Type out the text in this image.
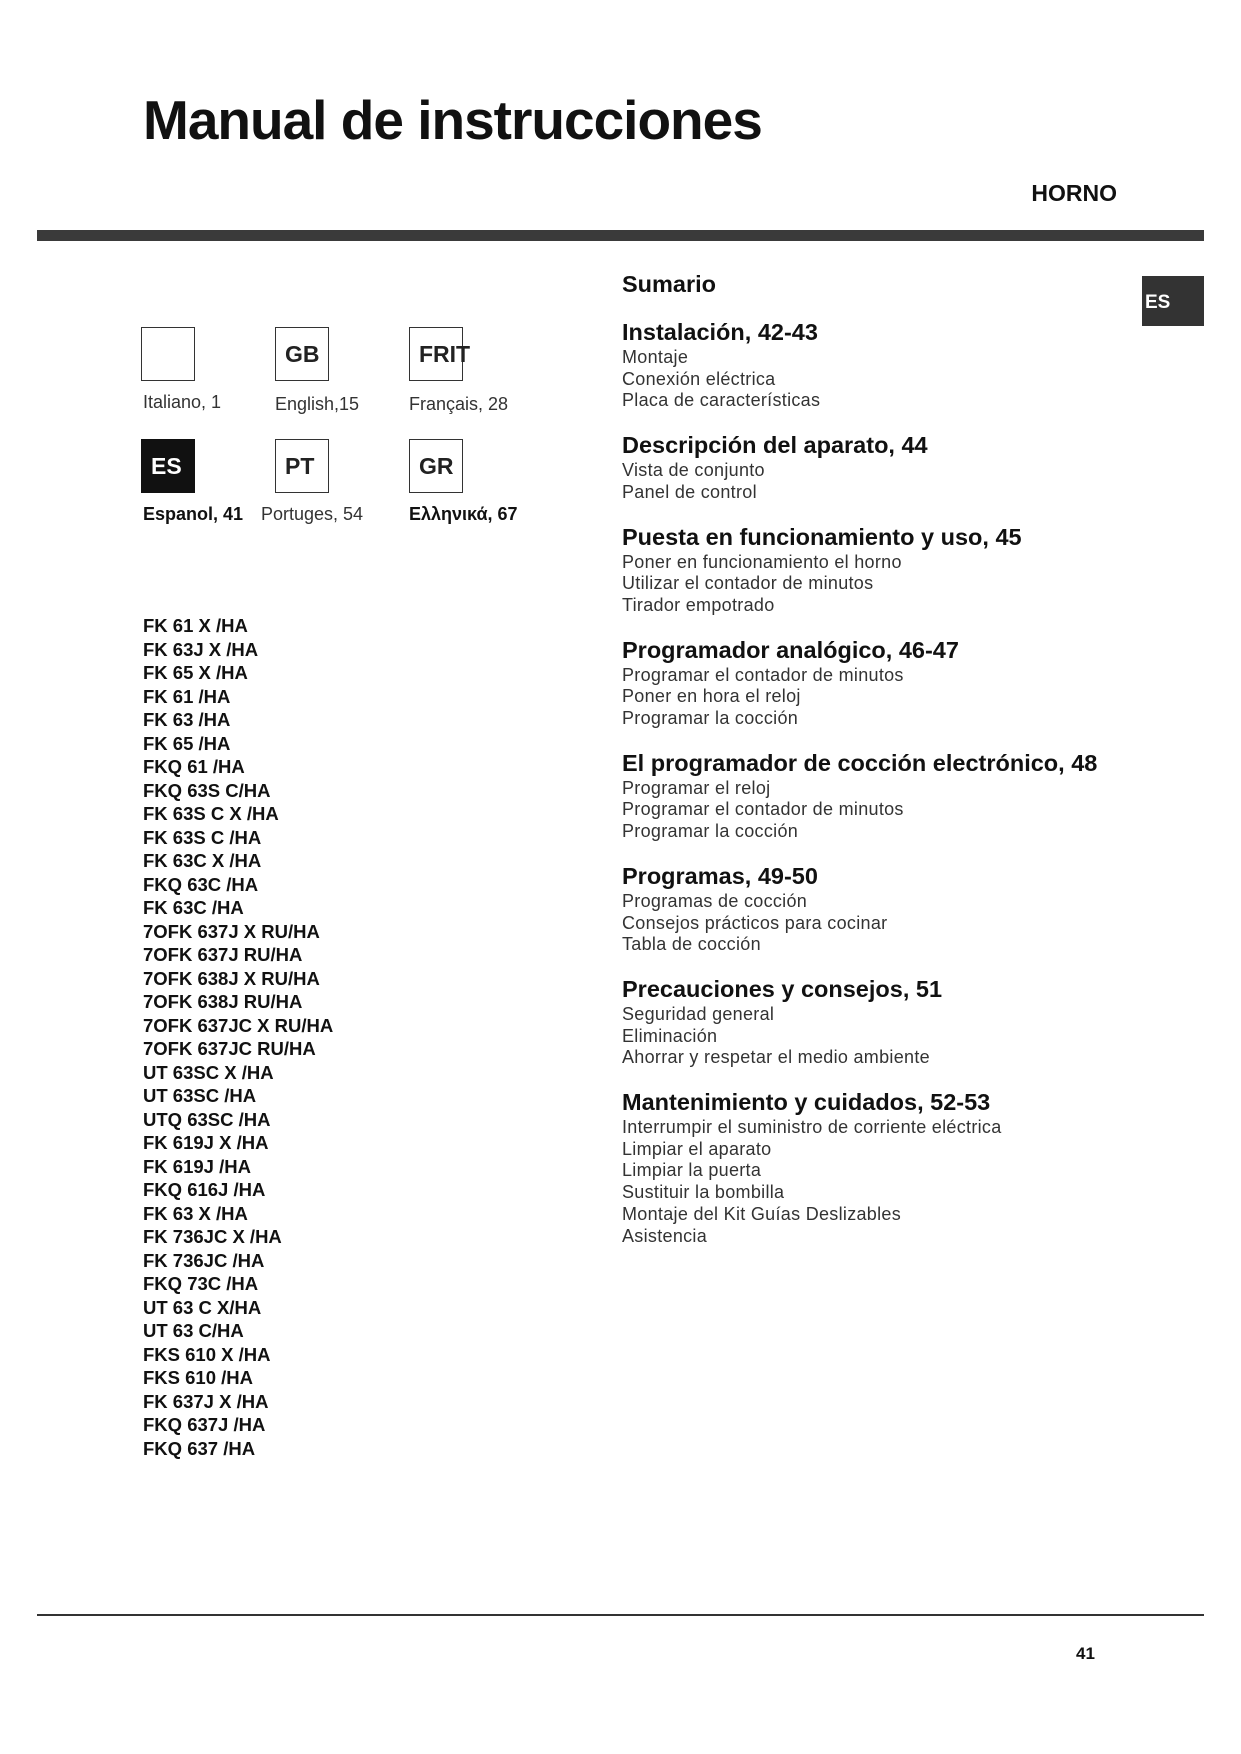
Manual de instrucciones
HORNO
ES
Italiano, 1
GB
English,15
FRIT
Français, 28
ES
Espanol, 41
PT
Portuges, 54
GR
Ελληνικά, 67
FK 61 X /HA
FK 63J X /HA
FK 65 X /HA
FK 61 /HA
FK 63 /HA
FK 65 /HA
FKQ 61 /HA
FKQ 63S C/HA
FK 63S C X /HA
FK 63S C /HA
FK 63C X /HA
FKQ 63C /HA
FK 63C /HA
7OFK 637J X RU/HA
7OFK 637J RU/HA
7OFK 638J X RU/HA
7OFK 638J RU/HA
7OFK 637JC X RU/HA
7OFK 637JC RU/HA
UT 63SC X /HA
UT 63SC /HA
UTQ 63SC /HA
FK 619J X /HA
FK 619J /HA
FKQ 616J /HA
FK 63 X /HA
FK 736JC X /HA
FK 736JC /HA
FKQ 73C /HA
UT 63 C X/HA
UT 63 C/HA
FKS 610 X /HA
FKS 610 /HA
FK 637J X /HA
FKQ 637J /HA
FKQ 637 /HA
Sumario
Instalación, 42-43
Montaje
Conexión eléctrica
Placa de características
Descripción del aparato, 44
Vista de conjunto
Panel de control
Puesta en funcionamiento y uso, 45
Poner en funcionamiento el horno
Utilizar el contador de minutos
Tirador empotrado
Programador analógico, 46-47
Programar el contador de minutos
Poner en hora el reloj
Programar la cocción
El programador de cocción electrónico, 48
Programar el reloj
Programar el contador de minutos
Programar la cocción
Programas, 49-50
Programas de cocción
Consejos prácticos para cocinar
Tabla de cocción
Precauciones y consejos, 51
Seguridad general
Eliminación
Ahorrar y respetar el medio ambiente
Mantenimiento y cuidados, 52-53
Interrumpir el suministro de corriente eléctrica
Limpiar el aparato
Limpiar la puerta
Sustituir la bombilla
Montaje del Kit Guías Deslizables
Asistencia
41
